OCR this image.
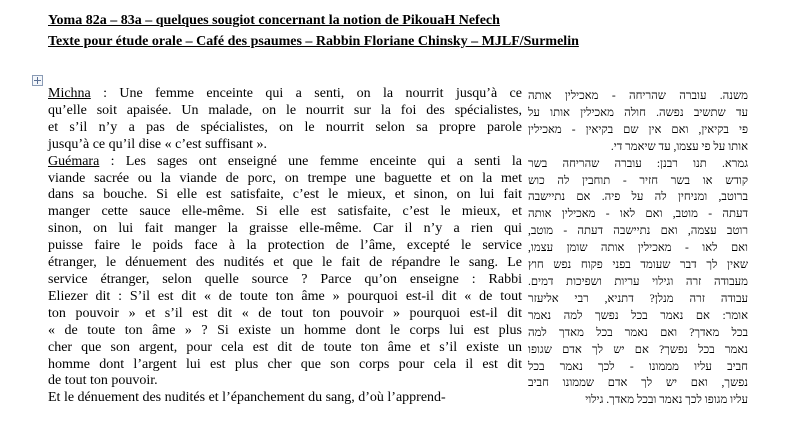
Yoma 82a – 83a – quelques sougiot concernant la notion de PikouaH Nefech
Texte pour étude orale – Café des psaumes – Rabbin Floriane Chinsky – MJLF/Surmelin
Michna : Une femme enceinte qui a senti, on la nourrit jusqu’à ce
qu’elle soit apaisée. Un malade, on le nourrit sur la foi des spécialistes,
et s’il n’y a pas de spécialistes, on le nourrit selon sa propre parole
jusqu’à ce qu’il dise « c’est suffisant ».
Guémara : Les sages ont enseigné une femme enceinte qui a senti la
viande sacrée ou la viande de porc, on trempe une baguette et on la met
dans sa bouche. Si elle est satisfaite, c’est le mieux, et sinon, on lui fait
manger cette sauce elle-même. Si elle est satisfaite, c’est le mieux, et
sinon, on lui fait manger la graisse elle-même. Car il n’y a rien qui
puisse faire le poids face à la protection de l’âme, excepté le service
étranger, le dénuement des nudités et que le fait de répandre le sang. Le
service étranger, selon quelle source ? Parce qu’on enseigne : Rabbi
Eliezer dit : S’il est dit « de toute ton âme » pourquoi est-il dit « de tout
ton pouvoir » et s’il est dit « de tout ton pouvoir » pourquoi est-il dit
« de toute ton âme » ? Si existe un homme dont le corps lui est plus
cher que son argent, pour cela est dit de toute ton âme et s’il existe un
homme dont l’argent lui est plus cher que son corps pour cela il est dit
de tout ton pouvoir.
Et le dénuement des nudités et l’épanchement du sang, d’où l’apprend-
משנה. עוברה שהריחה - מאכילין אותה
עד שתשיב נפשה. חולה מאכילין אותו על
פי בקיאין, ואם אין שם בקיאין - מאכילין
אותו על פי עצמו, עד שיאמר די.
גמרא. תנו רבנן: עוברה שהריחה בשר
קודש או בשר חזיר - תוחבין לה כוש
ברוטב, ומניחין לה על פיה. אם נתיישבה
דעתה - מוטב, ואם לאו - מאכילין אותה
רוטב עצמה, ואם נתיישבה דעתה - מוטב,
ואם לאו - מאכילין אותה שומן עצמו,
שאין לך דבר שעומד בפני פקוח נפש חוץ
מעבודה זרה וגילוי עריות ושפיכות דמים.
עבודה זרה מנלן? דתניא, רבי אליעזר
אומר: אם נאמר בכל נפשך למה נאמר
בכל מאדך? ואם נאמר בכל מאדך למה
נאמר בכל נפשך? אם יש לך אדם שגופו
חביב עליו מממונו - לכך נאמר בכל
נפשך, ואם יש לך אדם שממונו חביב
עליו מגופו לכך נאמר ובכל מאדך. גילוי
